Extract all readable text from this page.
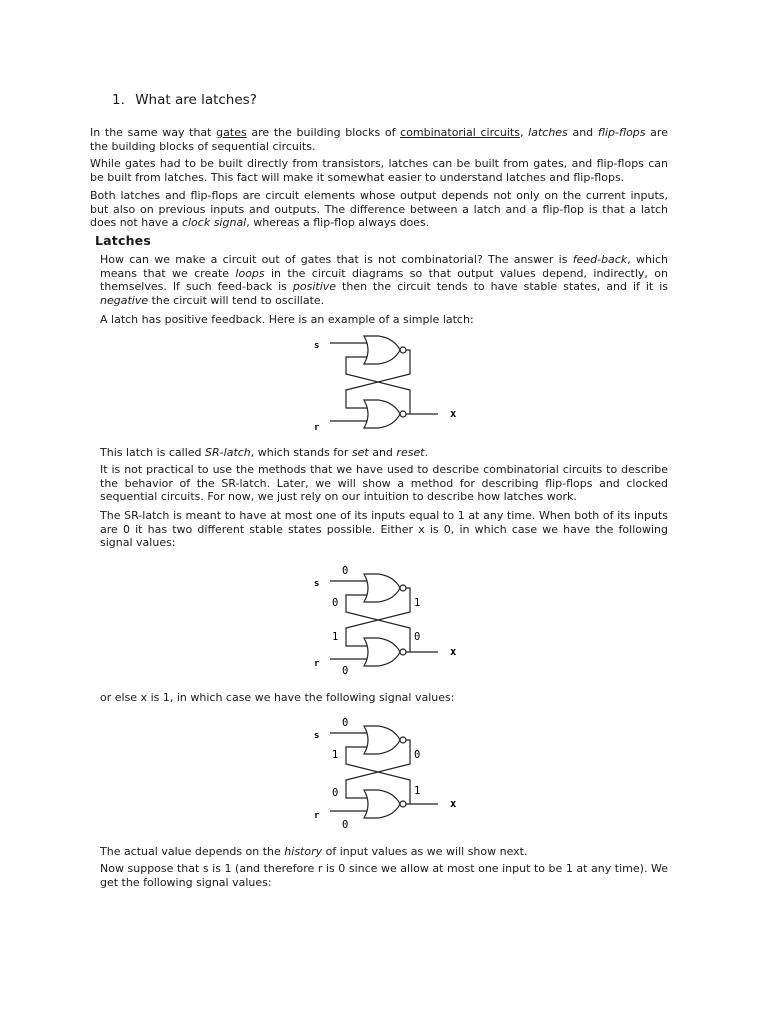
1. What are latches?

In the same way that gates are the building blocks of combinatorial circuits, latches and flip-flops are the building blocks of sequential circuits.

While gates had to be built directly from transistors, latches can be built from gates, and flip-flops can be built from latches. This fact will make it somewhat easier to understand latches and flip-flops.

Both latches and flip-flops are circuit elements whose output depends not only on the current inputs, but also on previous inputs and outputs. The difference between a latch and a flip-flop is that a latch does not have a clock signal, whereas a flip-flop always does.

Latches

How can we make a circuit out of gates that is not combinatorial? The answer is feed-back, which means that we create loops in the circuit diagrams so that output values depend, indirectly, on themselves. If such feed-back is positive then the circuit tends to have stable states, and if it is negative the circuit will tend to oscillate.

A latch has positive feedback. Here is an example of a simple latch:

s
r
x

This latch is called SR-latch, which stands for set and reset.

It is not practical to use the methods that we have used to describe combinatorial circuits to describe the behavior of the SR-latch. Later, we will show a method for describing flip-flops and clocked sequential circuits. For now, we just rely on our intuition to describe how latches work.

The SR-latch is meant to have at most one of its inputs equal to 1 at any time. When both of its inputs are 0 it has two different stable states possible. Either x is 0, in which case we have the following signal values:

s
r
x
0
0	1
1	0
0

or else x is 1, in which case we have the following signal values:

s
r
x
0
1	0
0	1
0

The actual value depends on the history of input values as we will show next.

Now suppose that s is 1 (and therefore r is 0 since we allow at most one input to be 1 at any time). We get the following signal values:
